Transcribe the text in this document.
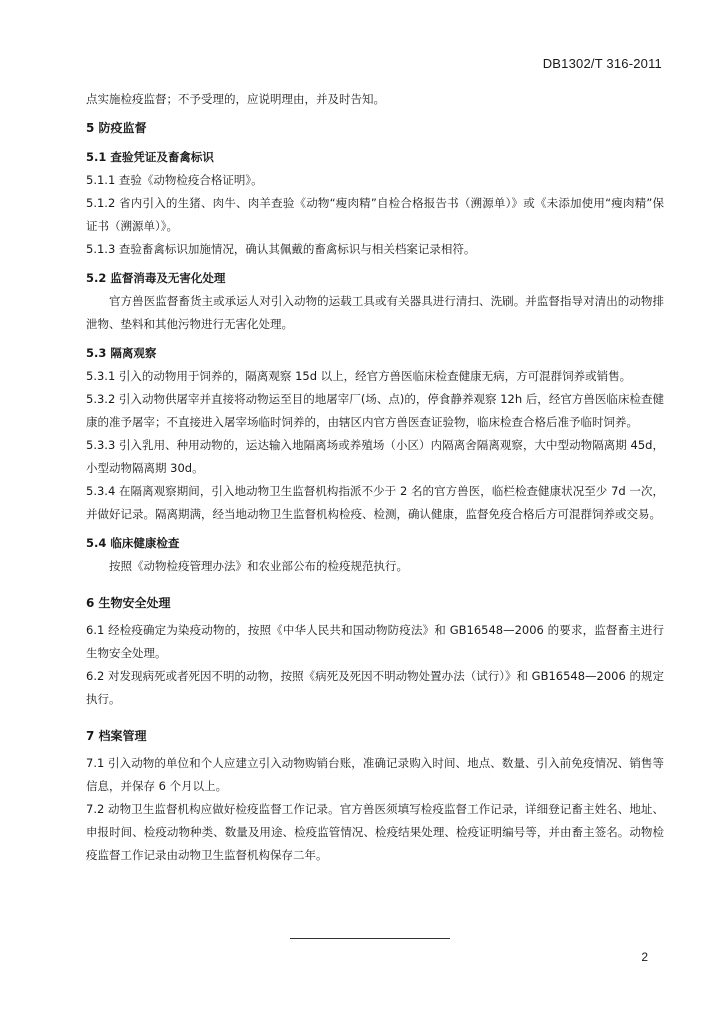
DB1302/T 316-2011

点实施检疫监督；不予受理的，应说明理由，并及时告知。

5 防疫监督

5.1 查验凭证及畜禽标识

5.1.1 查验《动物检疫合格证明》。

5.1.2 省内引入的生猪、肉牛、肉羊查验《动物“瘦肉精”自检合格报告书（溯源单）》或《未添加使用“瘦肉精”保证书（溯源单）》。

5.1.3 查验畜禽标识加施情况，确认其佩戴的畜禽标识与相关档案记录相符。

5.2 监督消毒及无害化处理

官方兽医监督畜货主或承运人对引入动物的运载工具或有关器具进行清扫、洗刷。并监督指导对清出的动物排泄物、垫料和其他污物进行无害化处理。

5.3 隔离观察

5.3.1 引入的动物用于饲养的，隔离观察 15d 以上，经官方兽医临床检查健康无病，方可混群饲养或销售。

5.3.2 引入动物供屠宰并直接将动物运至目的地屠宰厂(场、点)的，停食静养观察 12h 后，经官方兽医临床检查健康的准予屠宰；不直接进入屠宰场临时饲养的，由辖区内官方兽医查证验物，临床检查合格后准予临时饲养。

5.3.3 引入乳用、种用动物的，运达输入地隔离场或养殖场（小区）内隔离舍隔离观察，大中型动物隔离期 45d，小型动物隔离期 30d。

5.3.4 在隔离观察期间，引入地动物卫生监督机构指派不少于 2 名的官方兽医，临栏检查健康状况至少 7d 一次，并做好记录。隔离期满，经当地动物卫生监督机构检疫、检测，确认健康，监督免疫合格后方可混群饲养或交易。

5.4 临床健康检查

按照《动物检疫管理办法》和农业部公布的检疫规范执行。

6 生物安全处理

6.1 经检疫确定为染疫动物的，按照《中华人民共和国动物防疫法》和 GB16548—2006 的要求，监督畜主进行生物安全处理。

6.2 对发现病死或者死因不明的动物，按照《病死及死因不明动物处置办法（试行）》和 GB16548—2006 的规定执行。

7 档案管理

7.1 引入动物的单位和个人应建立引入动物购销台账，准确记录购入时间、地点、数量、引入前免疫情况、销售等信息，并保存 6 个月以上。

7.2 动物卫生监督机构应做好检疫监督工作记录。官方兽医须填写检疫监督工作记录，详细登记畜主姓名、地址、申报时间、检疫动物种类、数量及用途、检疫监管情况、检疫结果处理、检疫证明编号等，并由畜主签名。动物检疫监督工作记录由动物卫生监督机构保存二年。

2
